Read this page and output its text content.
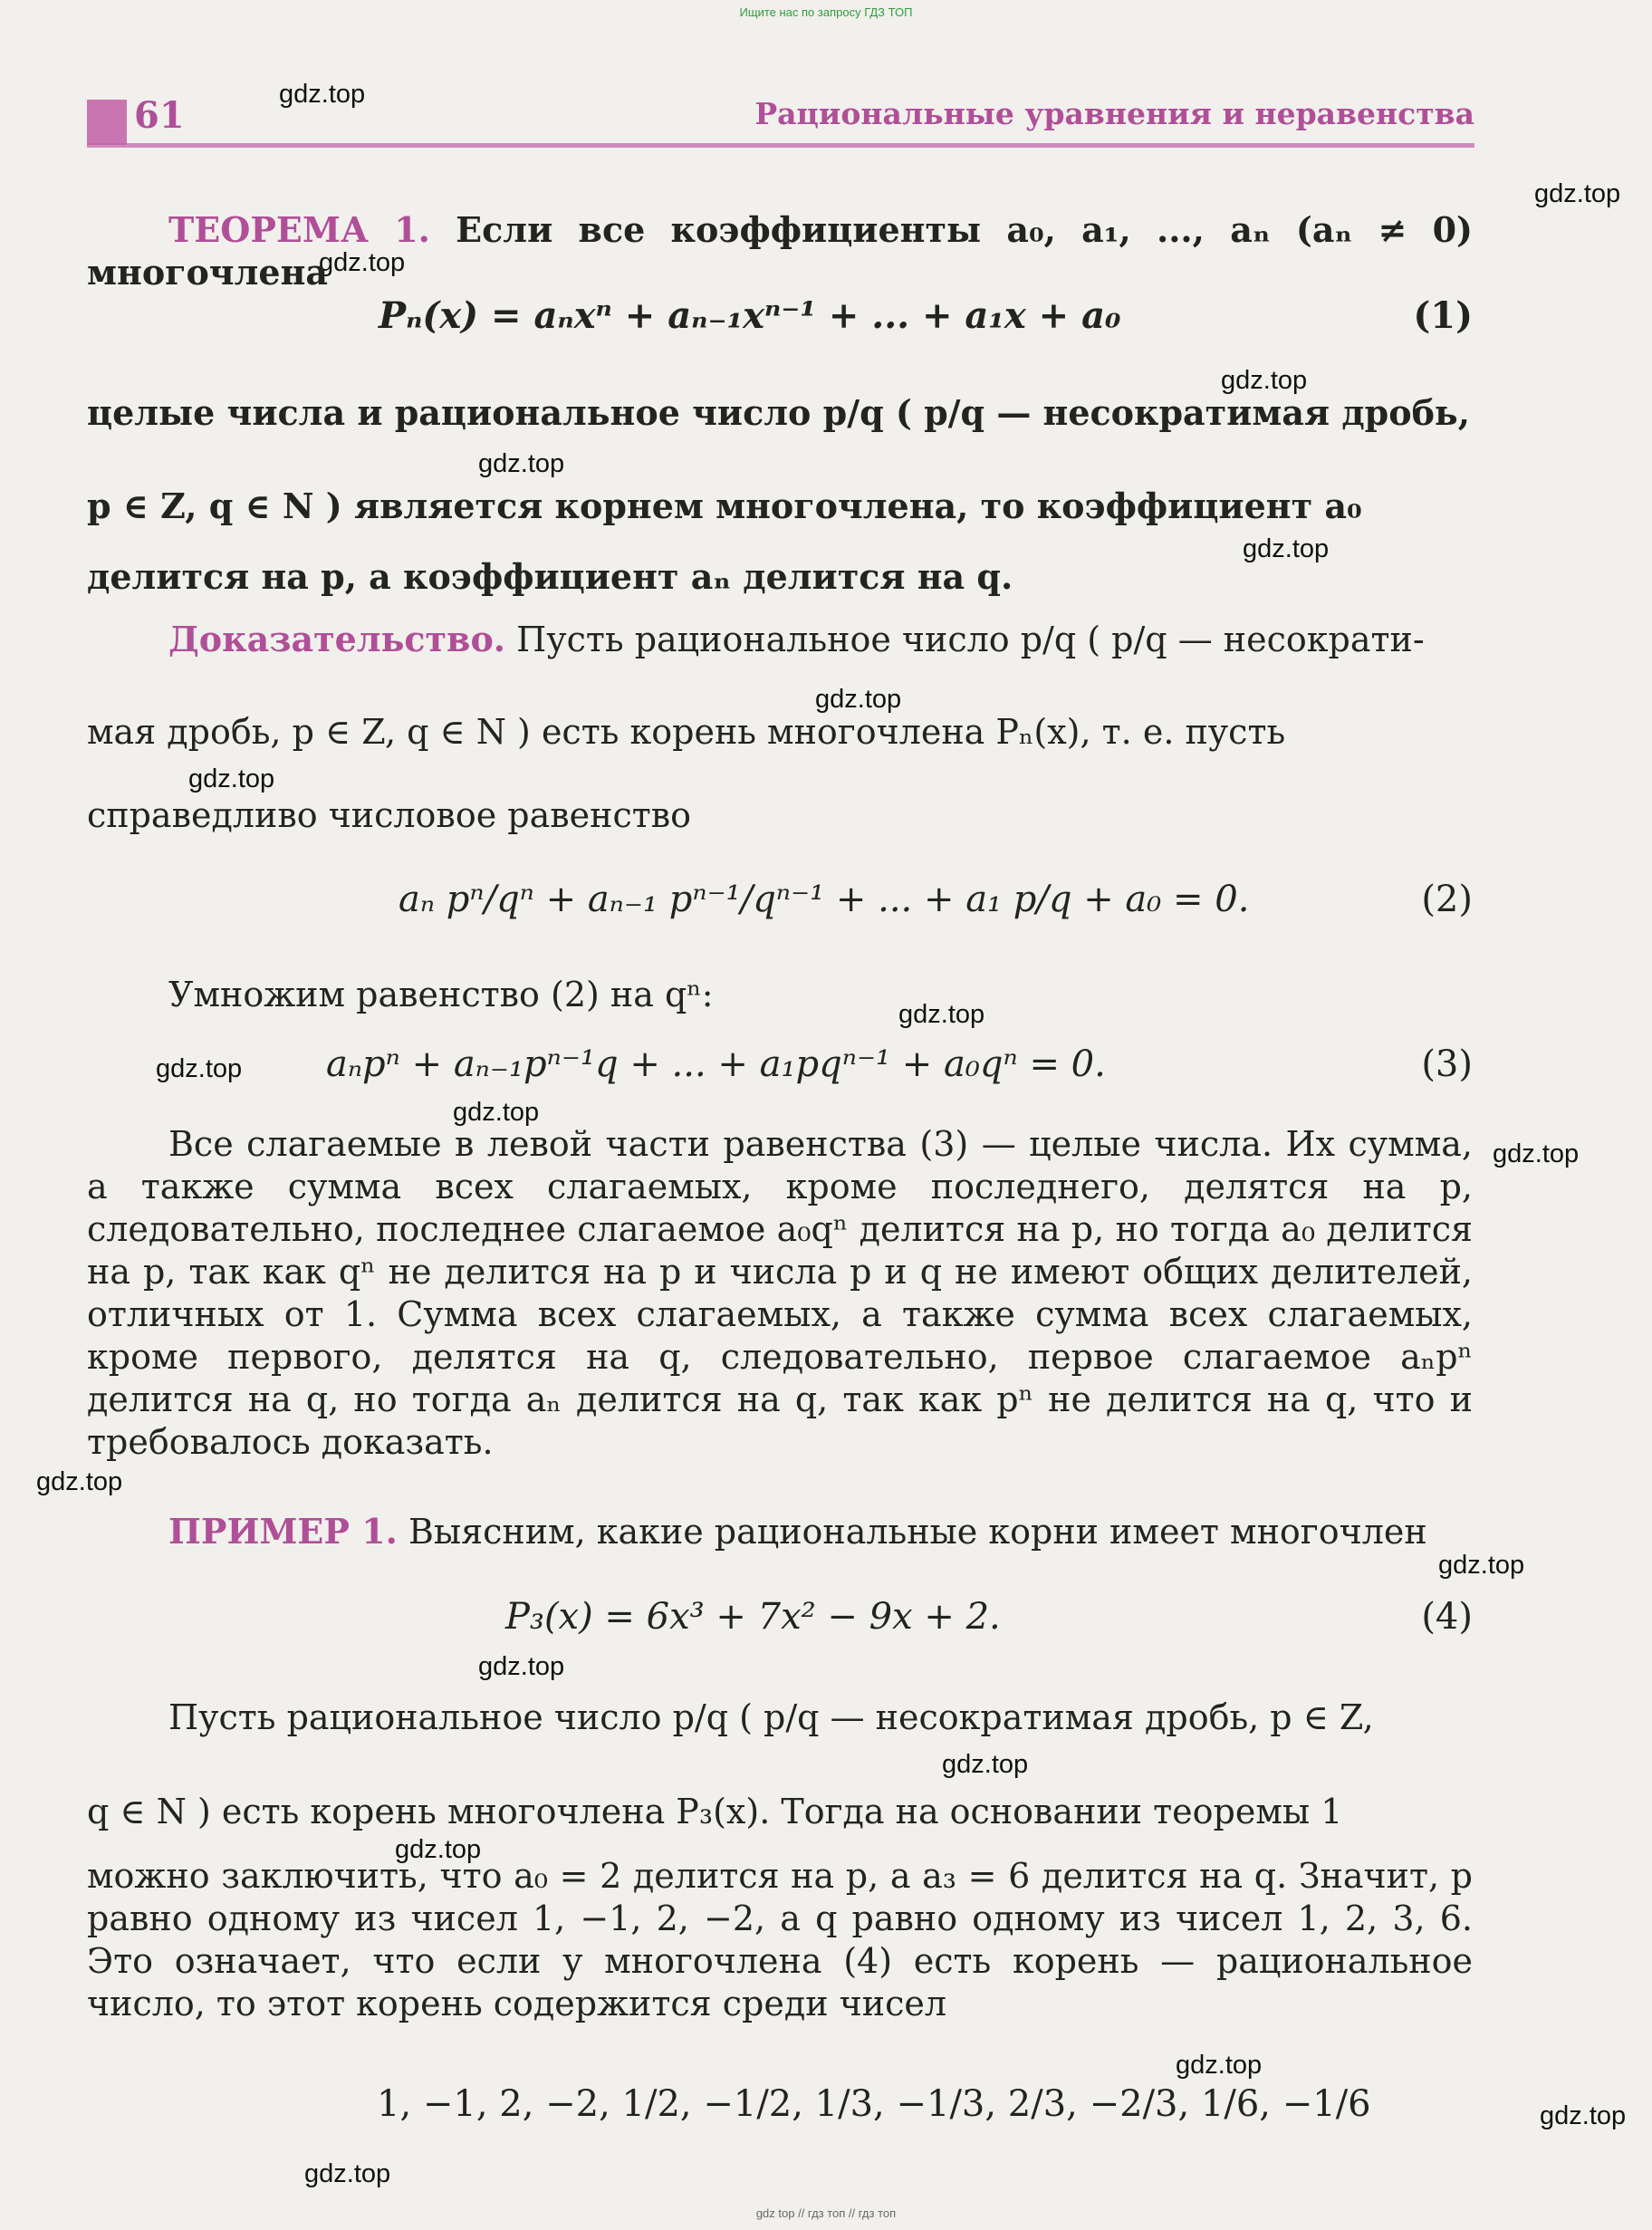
Ищите нас по запросу ГДЗ ТОП
61	Рациональные уравнения и неравенства
gdz.top
gdz.top
gdz.top
gdz.top
gdz.top
gdz.top
gdz.top
gdz.top
gdz.top
gdz.top
gdz.top
gdz.top
gdz.top
gdz.top
gdz.top
gdz.top
gdz.top
gdz.top
gdz.top
gdz.top
ТЕОРЕМА 1. Если все коэффициенты a₀, a₁, ..., aₙ (aₙ ≠ 0) многочлена
Pₙ(x) = aₙxⁿ + aₙ₋₁xⁿ⁻¹ + ... + a₁x + a₀	(1)
целые числа и рациональное число p/q ( p/q — несократимая дробь,
p ∈ Z, q ∈ N ) является корнем многочлена, то коэффициент a₀
делится на p, а коэффициент aₙ делится на q.
Доказательство. Пусть рациональное число p/q ( p/q — несократи-
мая дробь, p ∈ Z, q ∈ N ) есть корень многочлена Pₙ(x), т. е. пусть
справедливо числовое равенство
aₙ pⁿ/qⁿ + aₙ₋₁ pⁿ⁻¹/qⁿ⁻¹ + ... + a₁ p/q + a₀ = 0.	(2)
Умножим равенство (2) на qⁿ:
aₙpⁿ + aₙ₋₁pⁿ⁻¹q + ... + a₁pqⁿ⁻¹ + a₀qⁿ = 0.	(3)
Все слагаемые в левой части равенства (3) — целые числа. Их сумма, а также сумма всех слагаемых, кроме последнего, делятся на p, следовательно, последнее слагаемое a₀qⁿ делится на p, но тогда a₀ делится на p, так как qⁿ не делится на p и числа p и q не имеют общих делителей, отличных от 1. Сумма всех слагаемых, а также сумма всех слагаемых, кроме первого, делятся на q, следовательно, первое слагаемое aₙpⁿ делится на q, но тогда aₙ делится на q, так как pⁿ не делится на q, что и требовалось доказать.
ПРИМЕР 1. Выясним, какие рациональные корни имеет многочлен
P₃(x) = 6x³ + 7x² − 9x + 2.	(4)
Пусть рациональное число p/q ( p/q — несократимая дробь, p ∈ Z,
q ∈ N ) есть корень многочлена P₃(x). Тогда на основании теоремы 1
можно заключить, что a₀ = 2 делится на p, а a₃ = 6 делится на q. Значит, p равно одному из чисел 1, −1, 2, −2, а q равно одному из чисел 1, 2, 3, 6. Это означает, что если у многочлена (4) есть корень — рациональное число, то этот корень содержится среди чисел
1, −1, 2, −2, 1/2, −1/2, 1/3, −1/3, 2/3, −2/3, 1/6, −1/6
gdz top // гдз топ // гдз топ
